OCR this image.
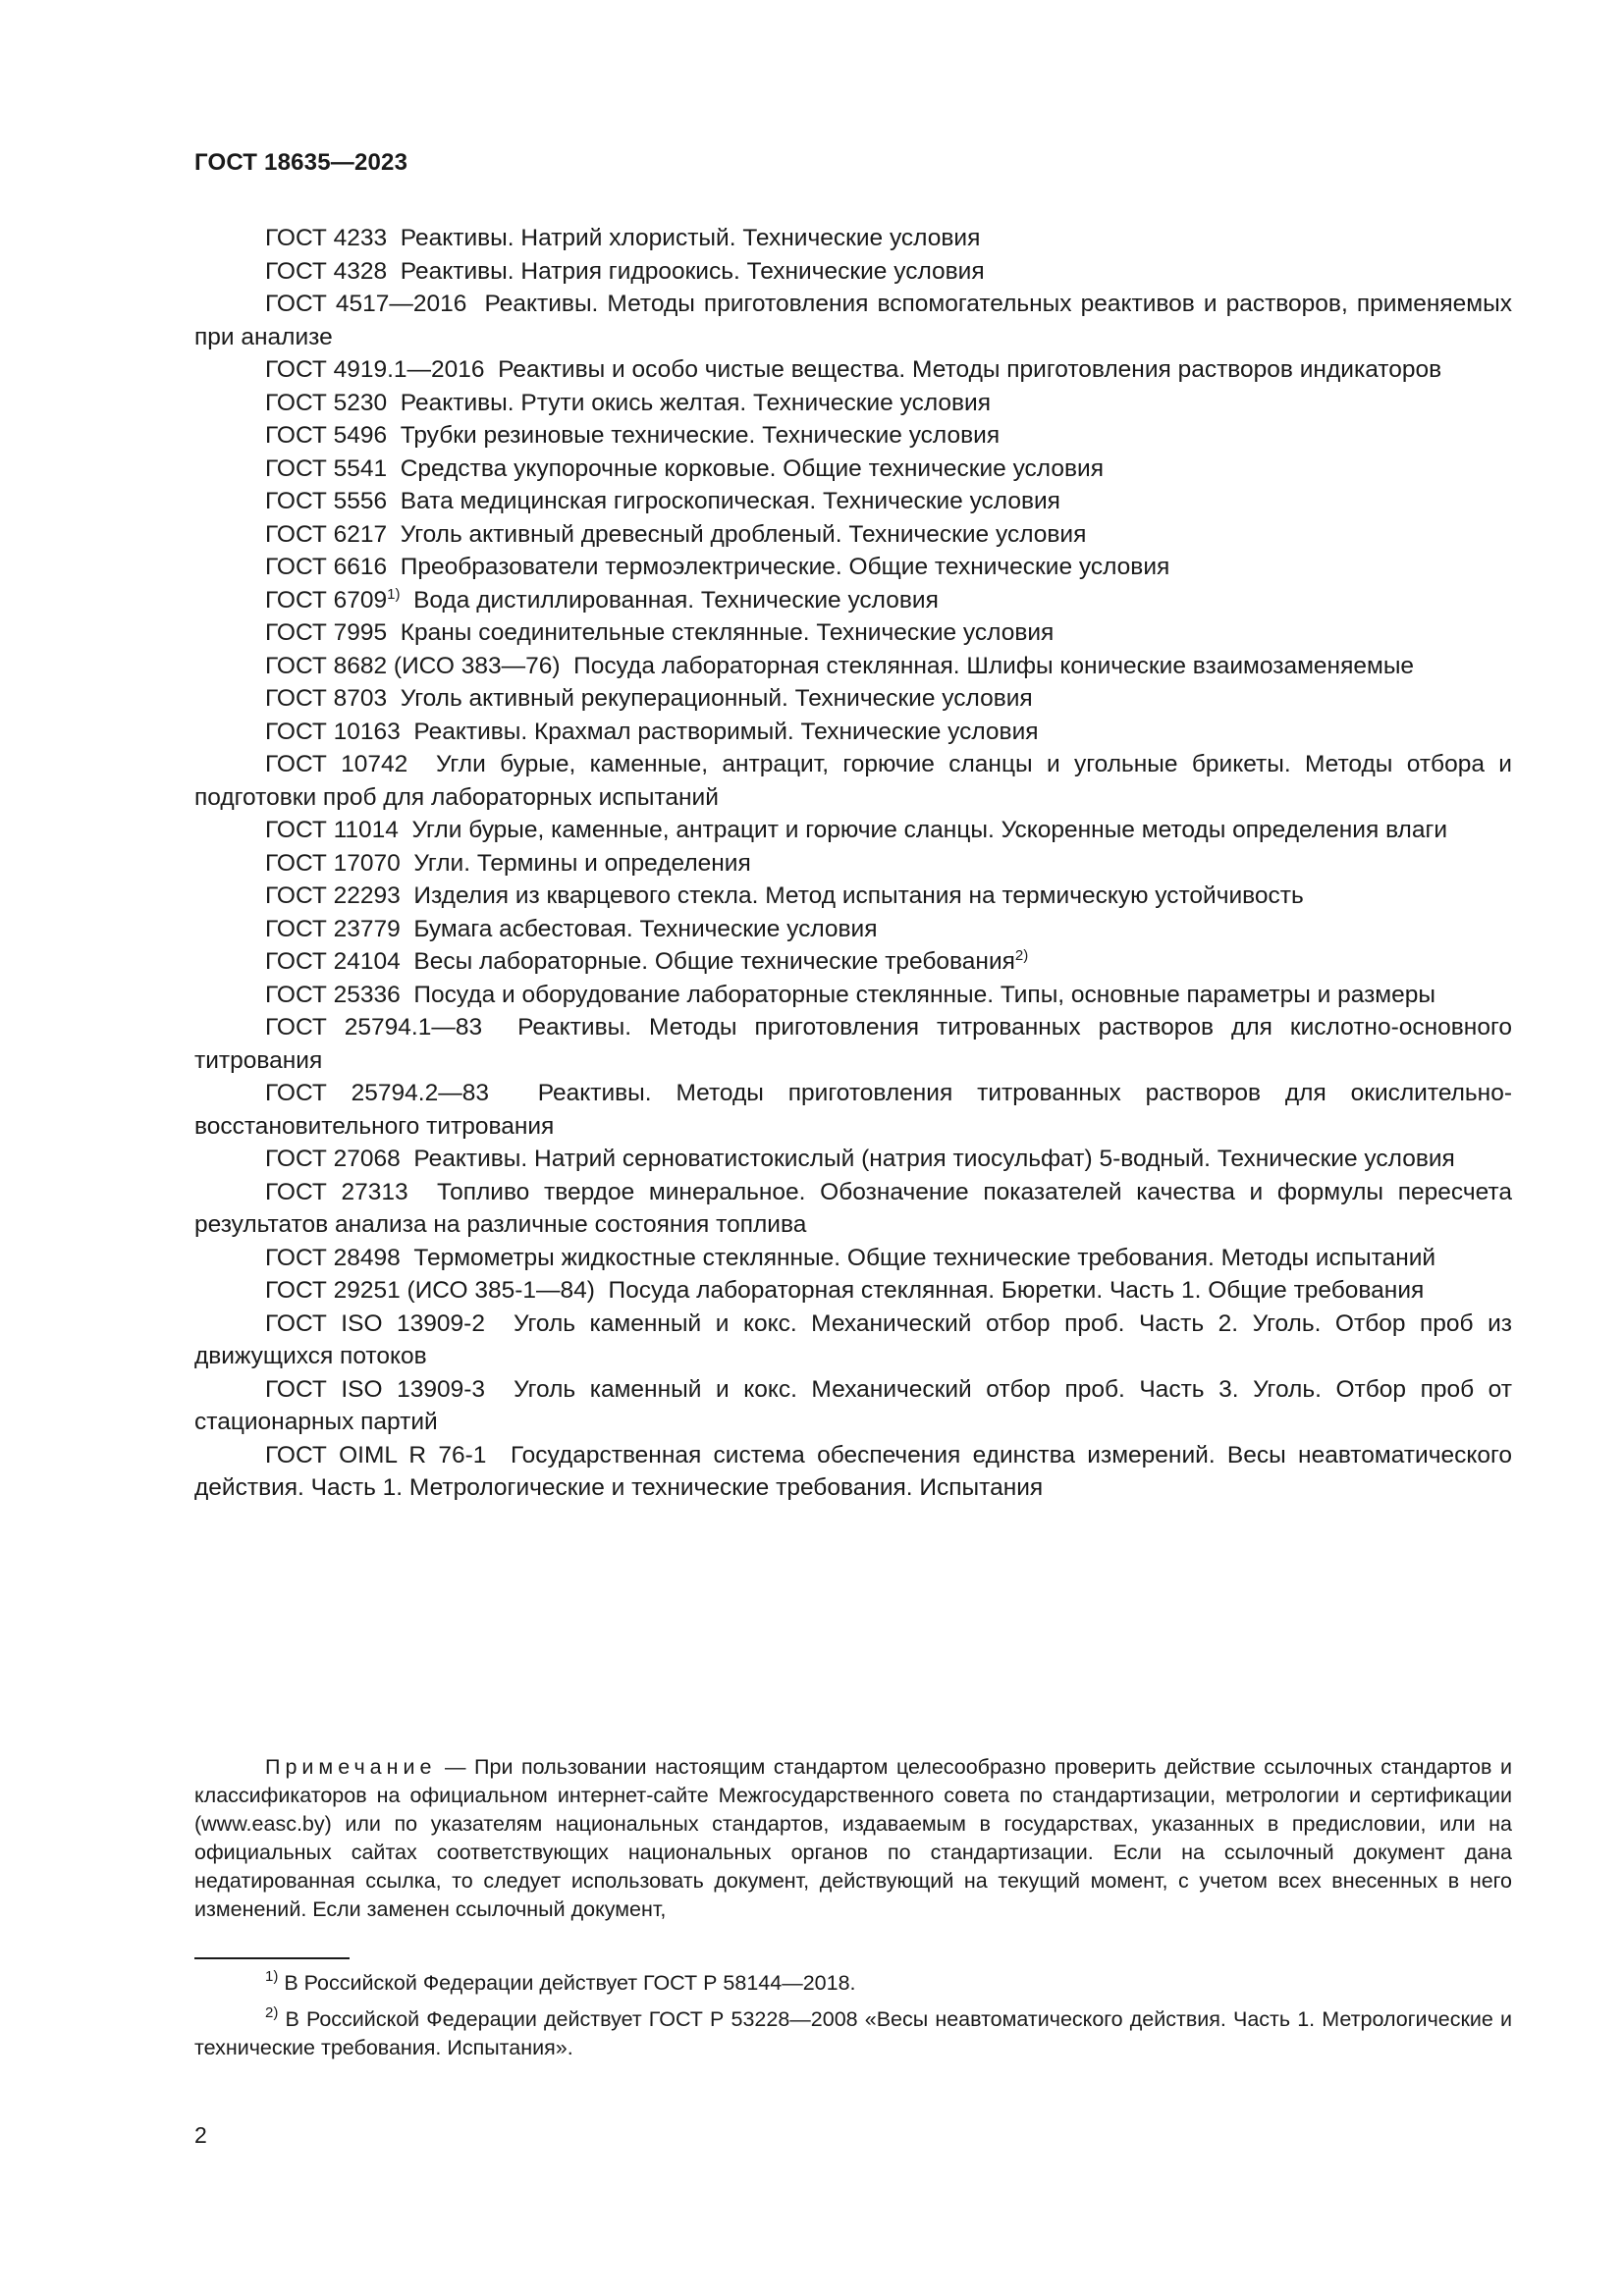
ГОСТ 18635—2023

ГОСТ 4233 Реактивы. Натрий хлористый. Технические условия

ГОСТ 4328 Реактивы. Натрия гидроокись. Технические условия

ГОСТ 4517—2016 Реактивы. Методы приготовления вспомогательных реактивов и растворов, применяемых при анализе

ГОСТ 4919.1—2016 Реактивы и особо чистые вещества. Методы приготовления растворов индикаторов

ГОСТ 5230 Реактивы. Ртути окись желтая. Технические условия

ГОСТ 5496 Трубки резиновые технические. Технические условия

ГОСТ 5541 Средства укупорочные корковые. Общие технические условия

ГОСТ 5556 Вата медицинская гигроскопическая. Технические условия

ГОСТ 6217 Уголь активный древесный дробленый. Технические условия

ГОСТ 6616 Преобразователи термоэлектрические. Общие технические условия

ГОСТ 6709$^{1)}$ Вода дистиллированная. Технические условия

ГОСТ 7995 Краны соединительные стеклянные. Технические условия

ГОСТ 8682 (ИСО 383—76) Посуда лабораторная стеклянная. Шлифы конические взаимозаменяемые

ГОСТ 8703 Уголь активный рекуперационный. Технические условия

ГОСТ 10163 Реактивы. Крахмал растворимый. Технические условия

ГОСТ 10742 Угли бурые, каменные, антрацит, горючие сланцы и угольные брикеты. Методы отбора и подготовки проб для лабораторных испытаний

ГОСТ 11014 Угли бурые, каменные, антрацит и горючие сланцы. Ускоренные методы определения влаги

ГОСТ 17070 Угли. Термины и определения

ГОСТ 22293 Изделия из кварцевого стекла. Метод испытания на термическую устойчивость

ГОСТ 23779 Бумага асбестовая. Технические условия

ГОСТ 24104 Весы лабораторные. Общие технические требования$^{2)}$

ГОСТ 25336 Посуда и оборудование лабораторные стеклянные. Типы, основные параметры и размеры

ГОСТ 25794.1—83 Реактивы. Методы приготовления титрованных растворов для кислотно-основного титрования

ГОСТ 25794.2—83 Реактивы. Методы приготовления титрованных растворов для окислительно-восстановительного титрования

ГОСТ 27068 Реактивы. Натрий серноватистокислый (натрия тиосульфат) 5-водный. Технические условия

ГОСТ 27313 Топливо твердое минеральное. Обозначение показателей качества и формулы пересчета результатов анализа на различные состояния топлива

ГОСТ 28498 Термометры жидкостные стеклянные. Общие технические требования. Методы испытаний

ГОСТ 29251 (ИСО 385-1—84) Посуда лабораторная стеклянная. Бюретки. Часть 1. Общие требования

ГОСТ ISO 13909-2 Уголь каменный и кокс. Механический отбор проб. Часть 2. Уголь. Отбор проб из движущихся потоков

ГОСТ ISO 13909-3 Уголь каменный и кокс. Механический отбор проб. Часть 3. Уголь. Отбор проб от стационарных партий

ГОСТ OIML R 76-1 Государственная система обеспечения единства измерений. Весы неавтоматического действия. Часть 1. Метрологические и технические требования. Испытания

Примечание — При пользовании настоящим стандартом целесообразно проверить действие ссылочных стандартов и классификаторов на официальном интернет-сайте Межгосударственного совета по стандартизации, метрологии и сертификации (www.easc.by) или по указателям национальных стандартов, издаваемым в государствах, указанных в предисловии, или на официальных сайтах соответствующих национальных органов по стандартизации. Если на ссылочный документ дана недатированная ссылка, то следует использовать документ, действующий на текущий момент, с учетом всех внесенных в него изменений. Если заменен ссылочный документ,

$^{1)}$ В Российской Федерации действует ГОСТ Р 58144—2018.

$^{2)}$ В Российской Федерации действует ГОСТ Р 53228—2008 «Весы неавтоматического действия. Часть 1. Метрологические и технические требования. Испытания».

2
